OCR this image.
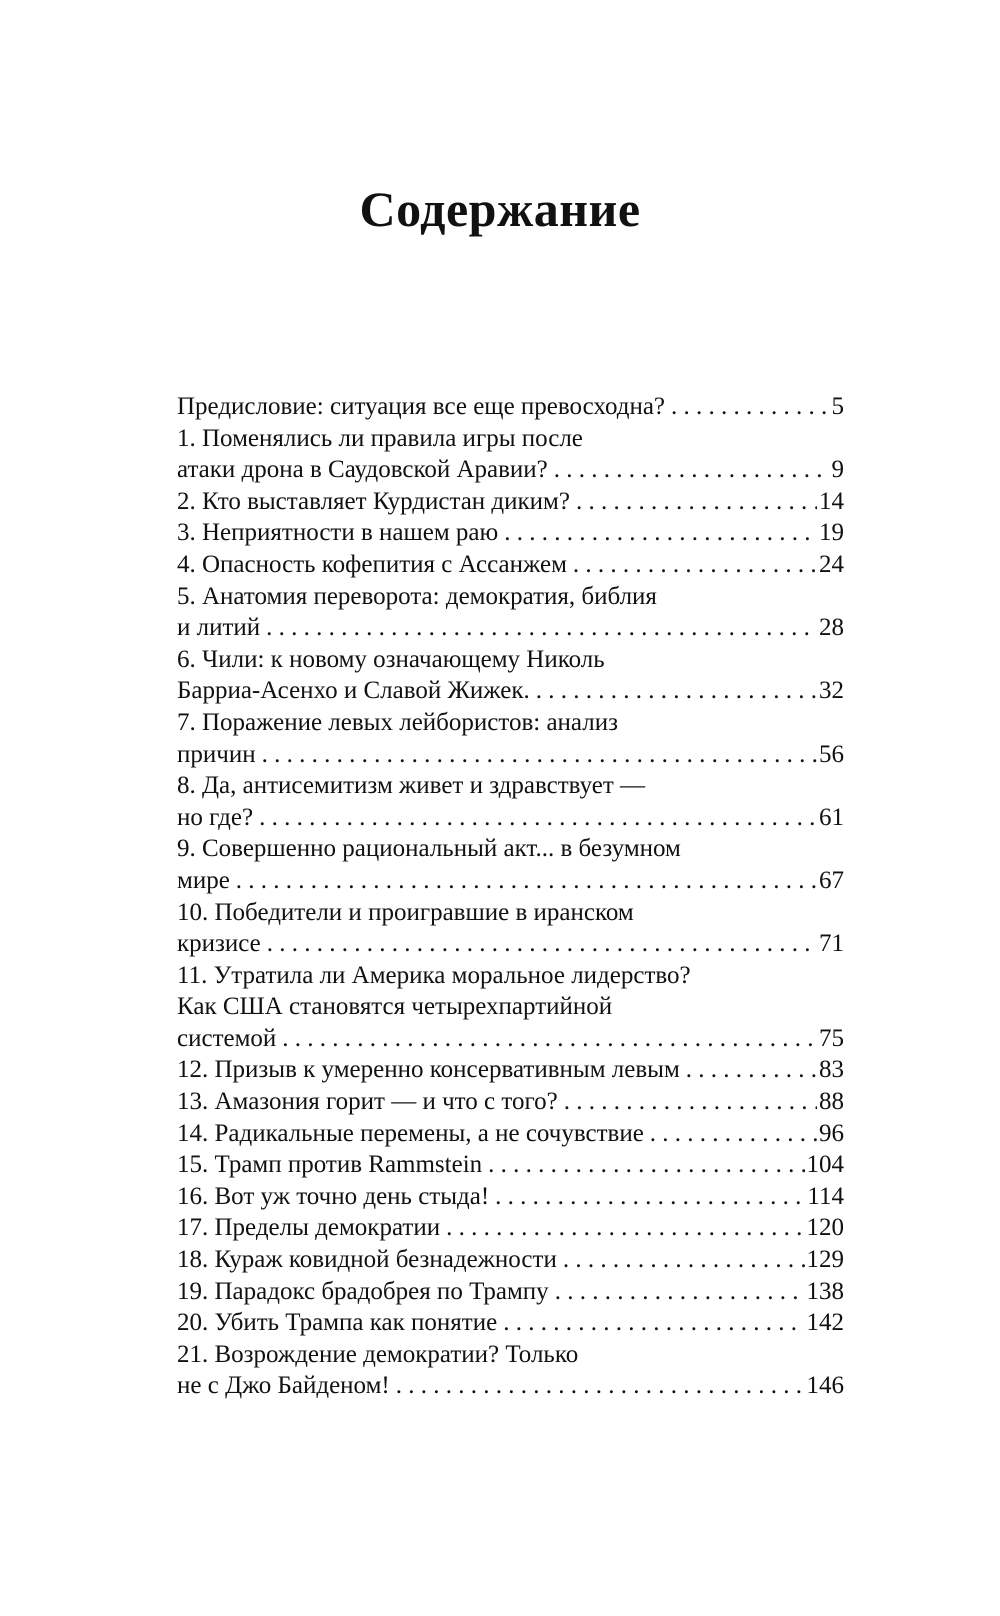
Содержание
Предисловие: ситуация все еще превосходна? . . .	5
1. Поменялись ли правила игры после
атаки дрона в Саудовской Аравии? . . .	9
2. Кто выставляет Курдистан диким? . . .	14
3. Неприятности в нашем раю . . .	19
4. Опасность кофепития с Ассанжем . . .	24
5. Анатомия переворота: демократия, библия
и литий . . .	28
6. Чили: к новому означающему Николь
Барриа-Асенхо и Славой Жижек. . . .	32
7. Поражение левых лейбористов: анализ
причин . . .	56
8. Да, антисемитизм живет и здравствует —
но где? . . .	61
9. Совершенно рациональный акт... в безумном
мире . . .	67
10. Победители и проигравшие в иранском
кризисе . . .	71
11. Утратила ли Америка моральное лидерство?
Как США становятся четырехпартийной
системой . . .	75
12. Призыв к умеренно консервативным левым . . .	83
13. Амазония горит — и что с того? . . .	88
14. Радикальные перемены, а не сочувствие . . .	96
15. Трамп против Rammstein . . .	104
16. Вот уж точно день стыда! . . .	114
17. Пределы демократии . . .	120
18. Кураж ковидной безнадежности . . .	129
19. Парадокс брадобрея по Трампу . . .	138
20. Убить Трампа как понятие . . .	142
21. Возрождение демократии? Только
не с Джо Байденом! . . .	146
